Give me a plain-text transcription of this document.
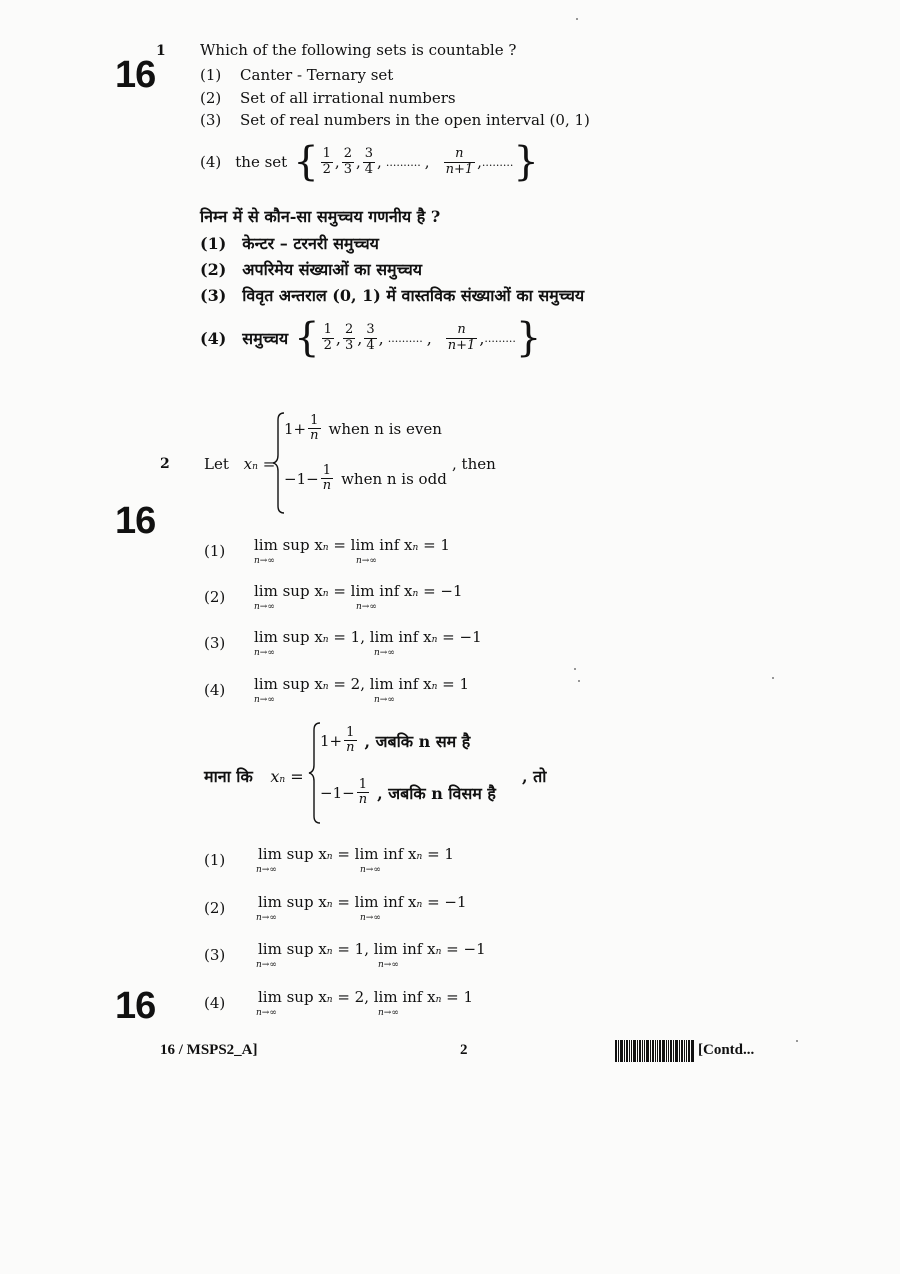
16
16
16
1 Which of the following sets is countable ?
(1) Canter - Ternary set
(2) Set of all irrational numbers
(3) Set of real numbers in the open interval (0, 1)
(4) the set { $\frac{1}{2}$ , $\frac{2}{3}$ , $\frac{3}{4}$ , .......... , $\frac{n}{n+1}$ , ......... }
निम्न में से कौन-सा समुच्चय गणनीय है ?
(1) केन्टर – टरनरी समुच्चय
(2) अपरिमेय संख्याओं का समुच्चय
(3) विवृत अन्तराल (0, 1) में वास्तविक संख्याओं का समुच्चय
(4) समुच्चय { $\frac{1}{2}$ , $\frac{2}{3}$ , $\frac{3}{4}$ , .......... , $\frac{n}{n+1}$ , ......... }
2 Let xn =
$1+ \frac{1}{n}$ when n is even
$-1- \frac{1}{n}$ when n is odd
, then
(1)	lim sup xn = lim inf xn = 1
n→∞	n→∞
(2)	lim sup xn = lim inf xn = −1
n→∞	n→∞
(3)	lim sup xn = 1, lim inf xn = −1
n→∞	n→∞
(4)	lim sup xn = 2, lim inf xn = 1
n→∞	n→∞
माना कि xn =
$1+ \frac{1}{n}$ , जबकि n सम है
$-1- \frac{1}{n}$ , जबकि n विसम है
, तो
(1)	lim sup xn = lim inf xn = 1
n→∞	n→∞
(2)	lim sup xn = lim inf xn = −1
n→∞	n→∞
(3)	lim sup xn = 1, lim inf xn = −1
n→∞	n→∞
(4)	lim sup xn = 2, lim inf xn = 1
n→∞	n→∞
16 / MSPS2_A]	2	[Contd...
